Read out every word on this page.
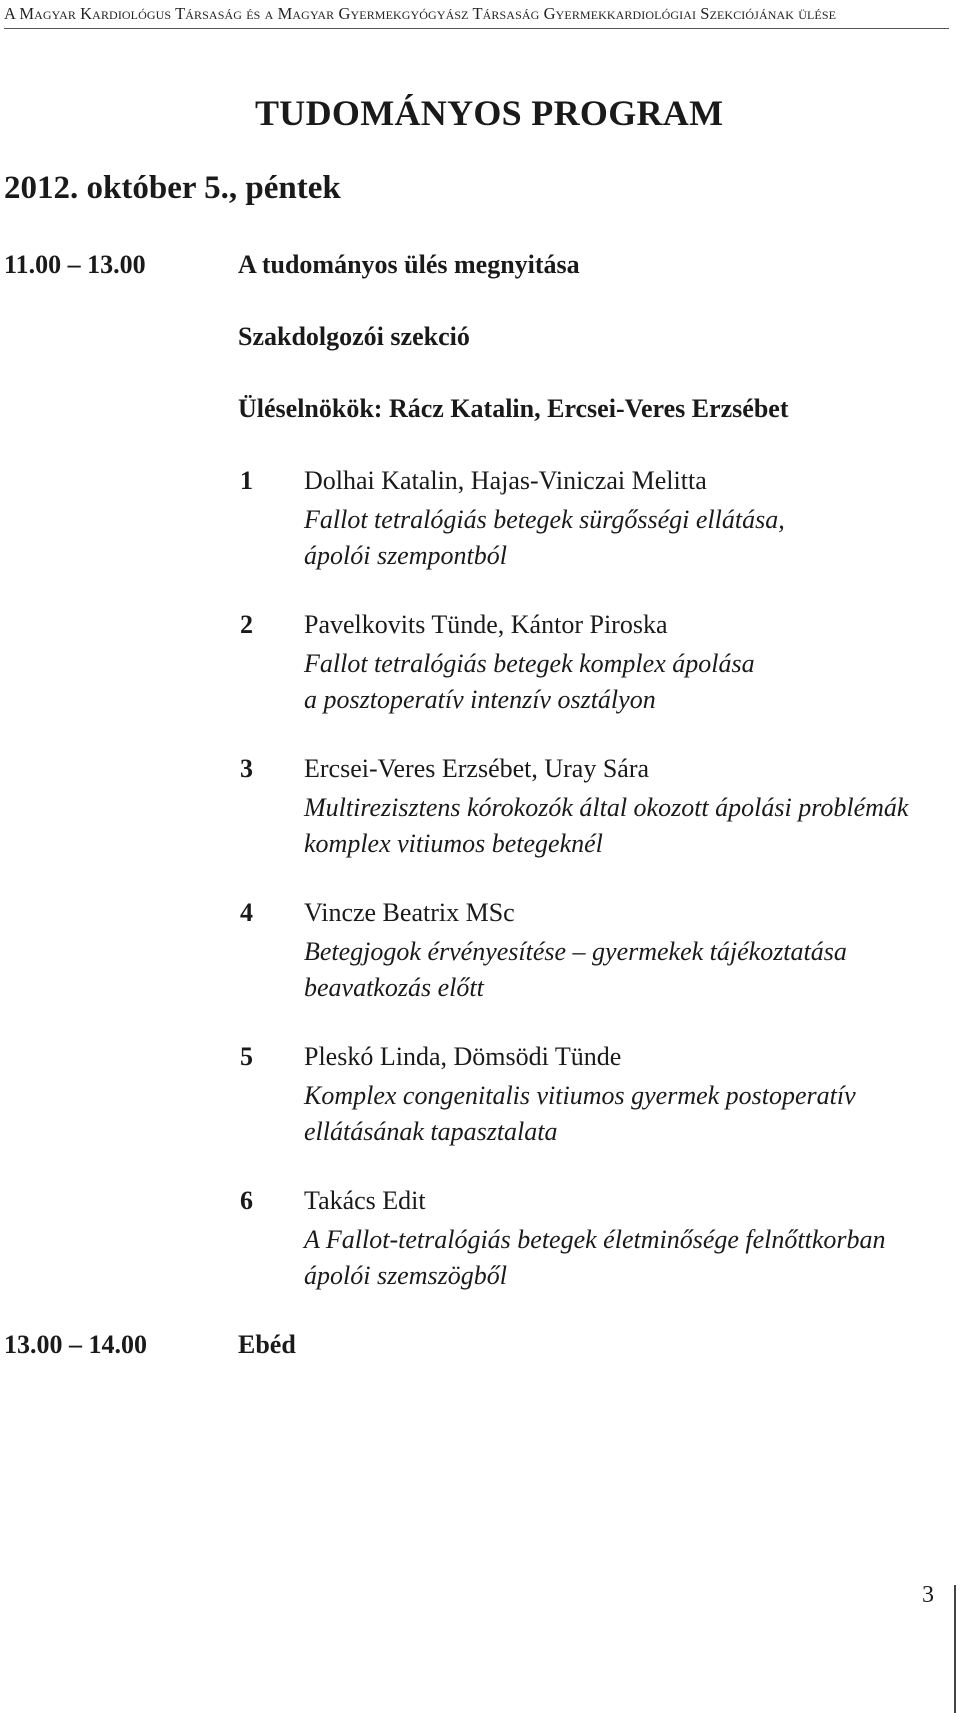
A Magyar Kardiológus Társaság és a Magyar Gyermekgyógyász Társaság Gyermekkardiológiai Szekciójának ülése
TUDOMÁNYOS PROGRAM
2012. október 5., péntek
11.00 – 13.00	A tudományos ülés megnyitása
Szakdolgozói szekció
Üléselnökök: Rácz Katalin, Ercsei-Veres Erzsébet
1 Dolhai Katalin, Hajas-Viniczai Melitta
Fallot tetralógiás betegek sürgősségi ellátása,
ápolói szempontból
2 Pavelkovits Tünde, Kántor Piroska
Fallot tetralógiás betegek komplex ápolása
a posztoperatív intenzív osztályon
3 Ercsei-Veres Erzsébet, Uray Sára
Multirezisztens kórokozók által okozott ápolási problémák
komplex vitiumos betegeknél
4 Vincze Beatrix MSc
Betegjogok érvényesítése – gyermekek tájékoztatása
beavatkozás előtt
5 Pleskó Linda, Dömsödi Tünde
Komplex congenitalis vitiumos gyermek postoperatív
ellátásának tapasztalata
6 Takács Edit
A Fallot-tetralógiás betegek életminősége felnőttkorban
ápolói szemszögből
13.00 – 14.00	Ebéd
3
